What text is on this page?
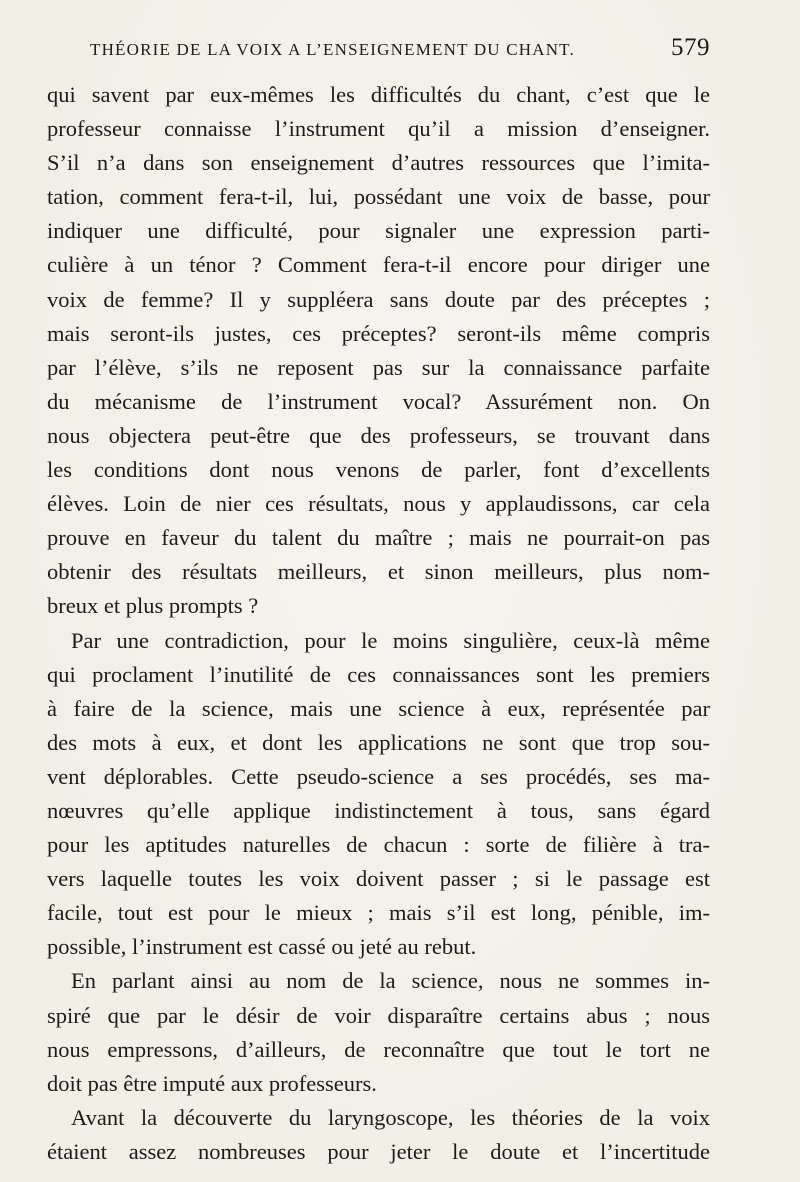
THÉORIE DE LA VOIX A L’ENSEIGNEMENT DU CHANT.	579
qui savent par eux-mêmes les difficultés du chant, c’est que le
professeur connaisse l’instrument qu’il a mission d’enseigner.
S’il n’a dans son enseignement d’autres ressources que l’imita-
tation, comment fera-t-il, lui, possédant une voix de basse, pour
indiquer une difficulté, pour signaler une expression parti-
culière à un ténor ? Comment fera-t-il encore pour diriger une
voix de femme? Il y suppléera sans doute par des préceptes ;
mais seront-ils justes, ces préceptes? seront-ils même compris
par l’élève, s’ils ne reposent pas sur la connaissance parfaite
du mécanisme de l’instrument vocal? Assurément non. On
nous objectera peut-être que des professeurs, se trouvant dans
les conditions dont nous venons de parler, font d’excellents
élèves. Loin de nier ces résultats, nous y applaudissons, car cela
prouve en faveur du talent du maître ; mais ne pourrait-on pas
obtenir des résultats meilleurs, et sinon meilleurs, plus nom-
breux et plus prompts ?
Par une contradiction, pour le moins singulière, ceux-là même
qui proclament l’inutilité de ces connaissances sont les premiers
à faire de la science, mais une science à eux, représentée par
des mots à eux, et dont les applications ne sont que trop sou-
vent déplorables. Cette pseudo-science a ses procédés, ses ma-
nœuvres qu’elle applique indistinctement à tous, sans égard
pour les aptitudes naturelles de chacun : sorte de filière à tra-
vers laquelle toutes les voix doivent passer ; si le passage est
facile, tout est pour le mieux ; mais s’il est long, pénible, im-
possible, l’instrument est cassé ou jeté au rebut.
En parlant ainsi au nom de la science, nous ne sommes in-
spiré que par le désir de voir disparaître certains abus ; nous
nous empressons, d’ailleurs, de reconnaître que tout le tort ne
doit pas être imputé aux professeurs.
Avant la découverte du laryngoscope, les théories de la voix
étaient assez nombreuses pour jeter le doute et l’incertitude
